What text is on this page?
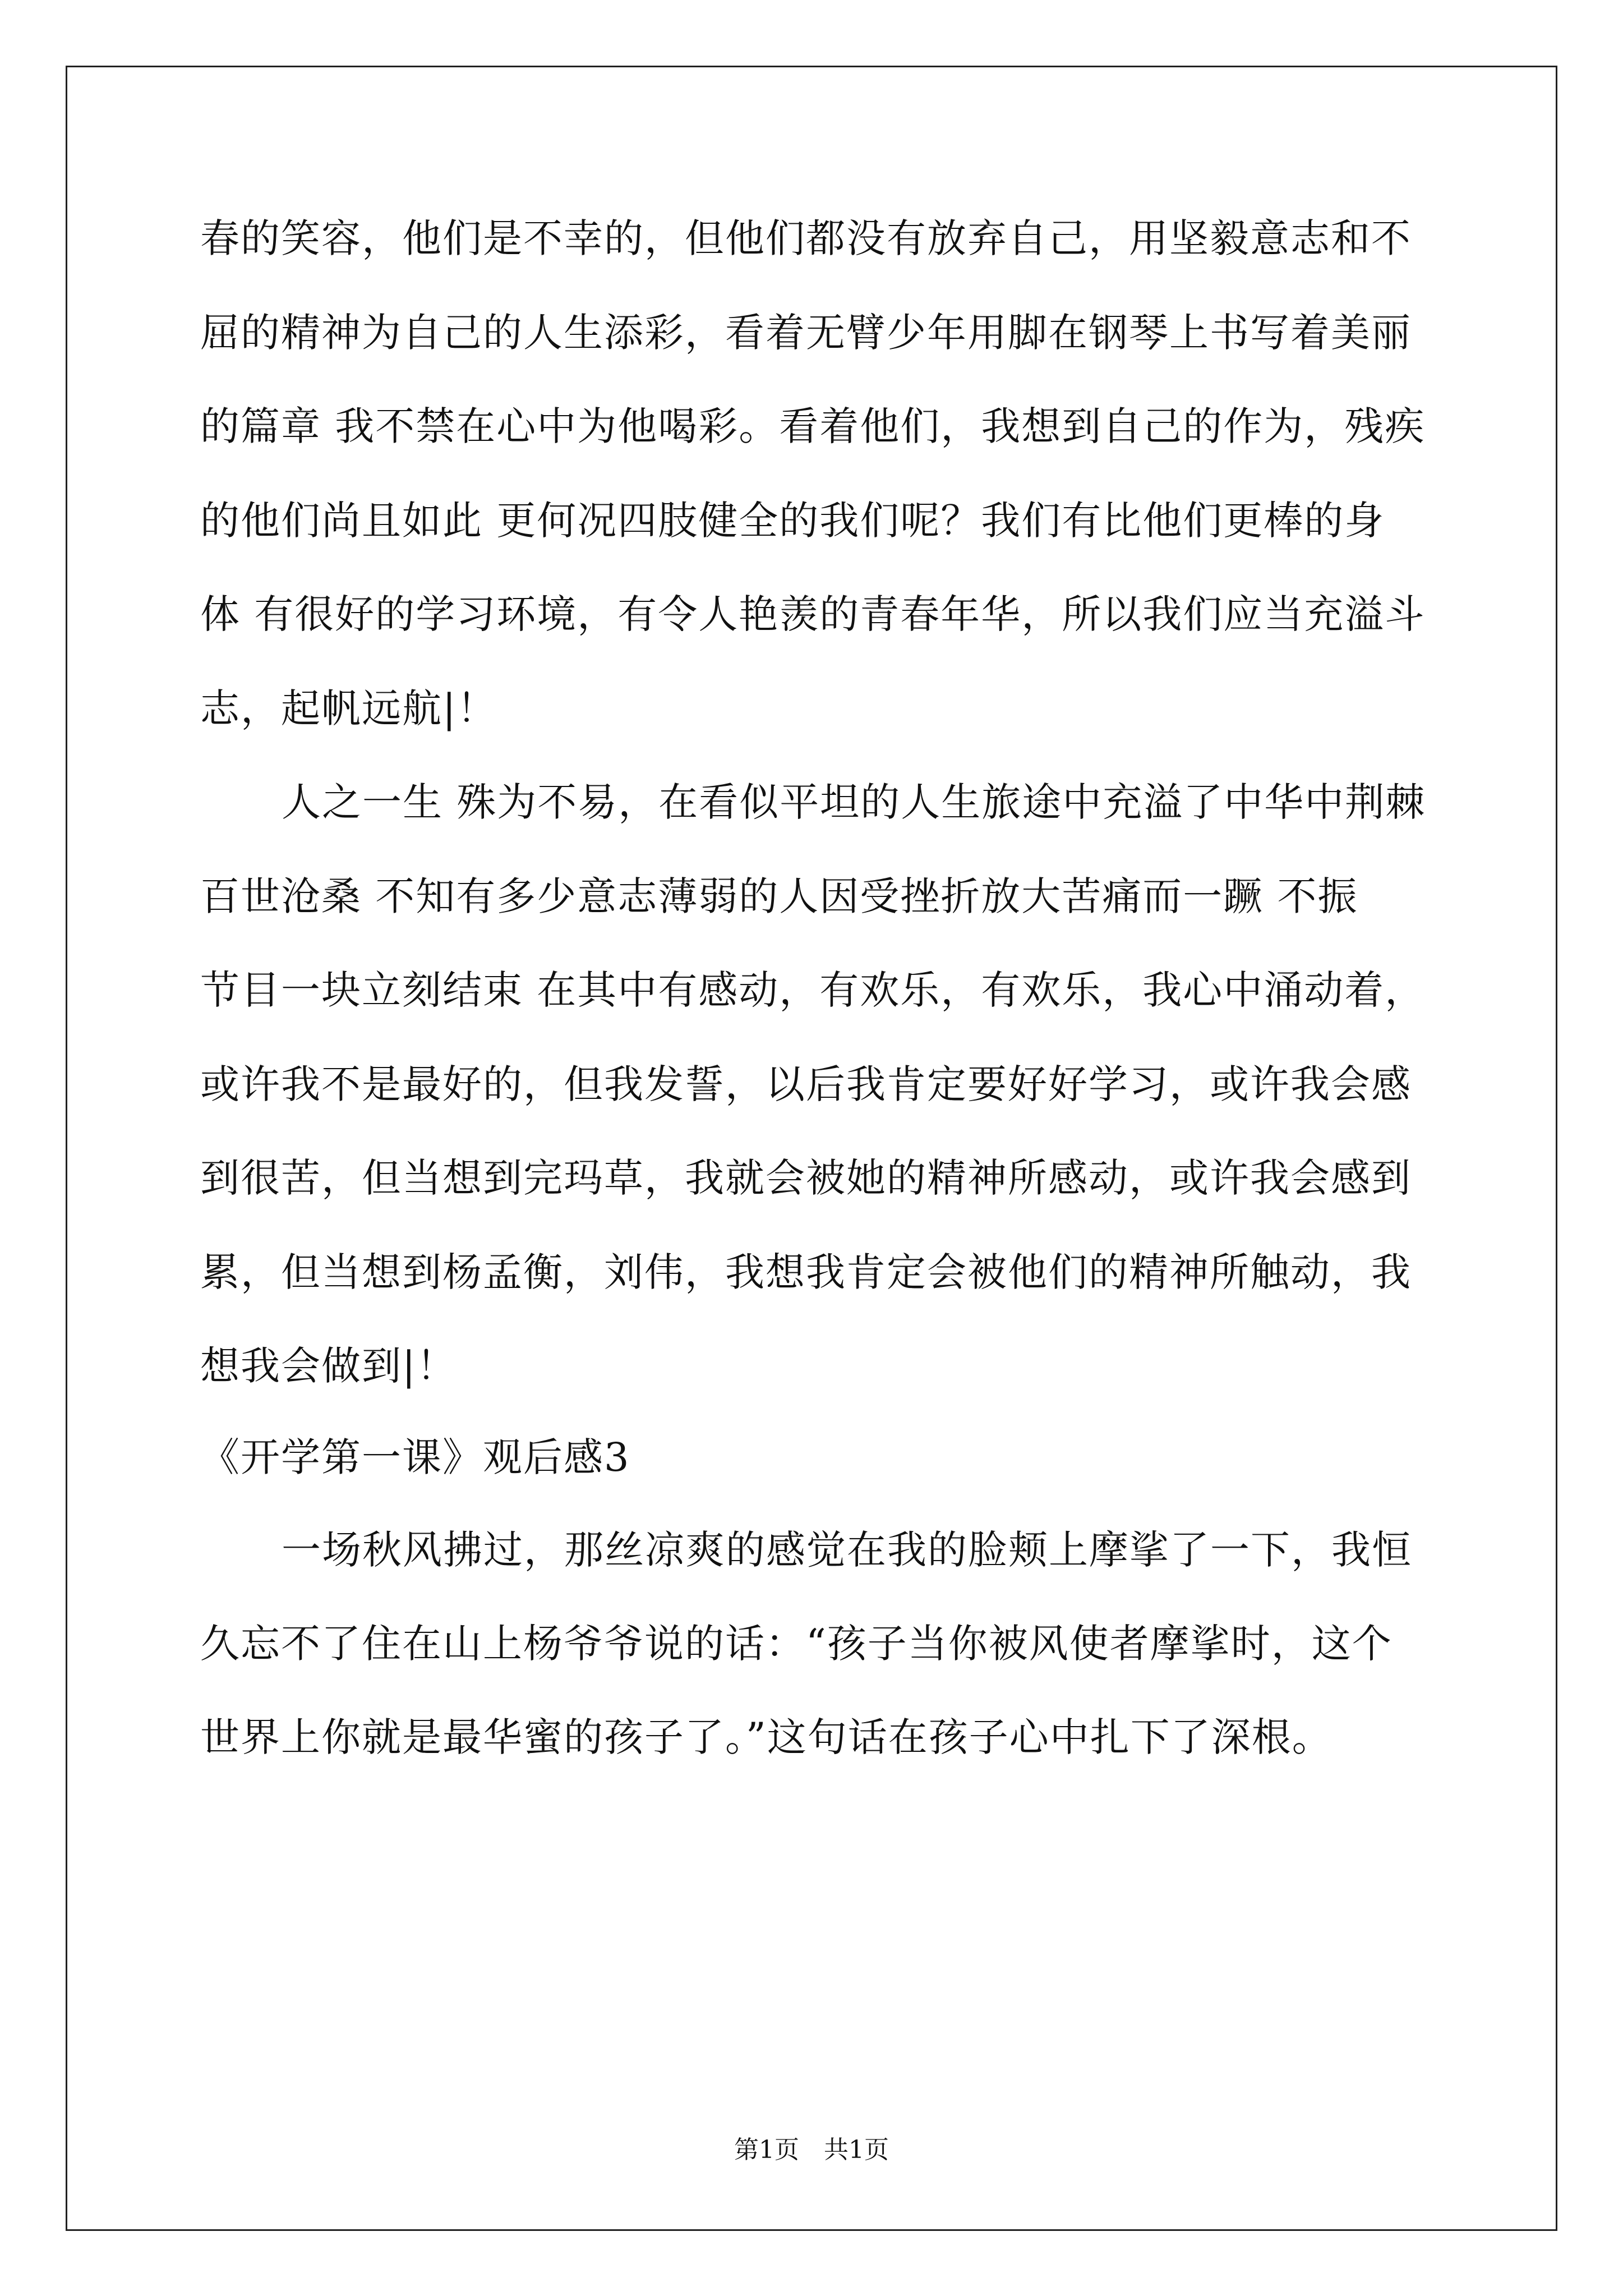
春的笑容，他们是不幸的，但他们都没有放弃自己，用坚毅意志和不
屈的精神为自己的人生添彩，看着无臂少年用脚在钢琴上书写着美丽
的篇章 我不禁在心中为他喝彩。看着他们，我想到自己的作为，残疾
的他们尚且如此 更何况四肢健全的我们呢？我们有比他们更棒的身
体 有很好的学习环境，有令人艳羡的青春年华，所以我们应当充溢斗
志，起帆远航|！
人之一生 殊为不易，在看似平坦的人生旅途中充溢了中华中荆棘
百世沧桑 不知有多少意志薄弱的人因受挫折放大苦痛而一蹶 不振
节目一块立刻结束 在其中有感动，有欢乐，有欢乐，我心中涌动着，
或许我不是最好的，但我发誓，以后我肯定要好好学习，或许我会感
到很苦，但当想到完玛草，我就会被她的精神所感动，或许我会感到
累，但当想到杨孟衡，刘伟，我想我肯定会被他们的精神所触动，我
想我会做到|！
《开学第一课》观后感3
一场秋风拂过，那丝凉爽的感觉在我的脸颊上摩挲了一下，我恒
久忘不了住在山上杨爷爷说的话：“孩子当你被风使者摩挲时，这个
世界上你就是最华蜜的孩子了。”这句话在孩子心中扎下了深根。
第1页　共1页
